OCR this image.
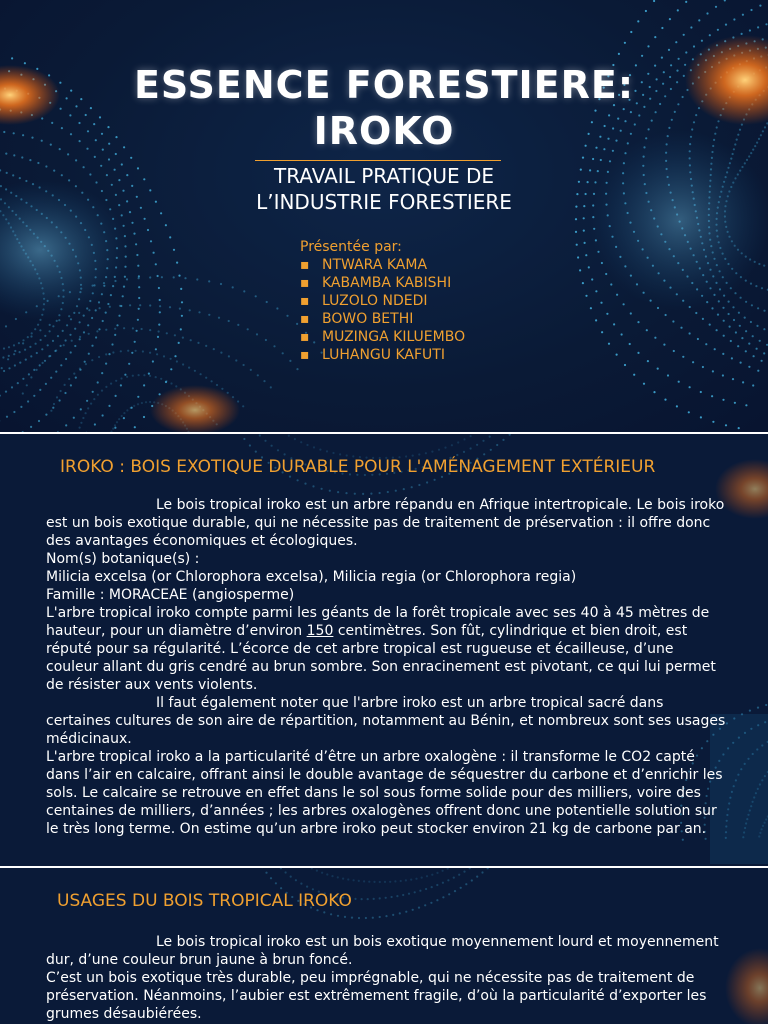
ESSENCE FORESTIERE:
IROKO
TRAVAIL PRATIQUE DE
L’INDUSTRIE FORESTIERE
Présentée par:
▪ NTWARA KAMA
▪ KABAMBA KABISHI
▪ LUZOLO NDEDI
▪ BOWO BETHI
▪ MUZINGA KILUEMBO
▪ LUHANGU KAFUTI
IROKO : BOIS EXOTIQUE DURABLE POUR L'AMÉNAGEMENT EXTÉRIEUR

Le bois tropical iroko est un arbre répandu en Afrique intertropicale. Le bois iroko est un bois exotique durable, qui ne nécessite pas de traitement de préservation : il offre donc des avantages économiques et écologiques.

Nom(s) botanique(s) :

Milicia excelsa (or Chlorophora excelsa), Milicia regia (or Chlorophora regia)

Famille : MORACEAE (angiosperme)

L'arbre tropical iroko compte parmi les géants de la forêt tropicale avec ses 40 à 45 mètres de hauteur, pour un diamètre d’environ 150 centimètres. Son fût, cylindrique et bien droit, est réputé pour sa régularité. L’écorce de cet arbre tropical est rugueuse et écailleuse, d’une couleur allant du gris cendré au brun sombre. Son enracinement est pivotant, ce qui lui permet de résister aux vents violents.

Il faut également noter que l'arbre iroko est un arbre tropical sacré dans certaines cultures de son aire de répartition, notamment au Bénin, et nombreux sont ses usages médicinaux.

L'arbre tropical iroko a la particularité d’être un arbre oxalogène : il transforme le CO2 capté dans l’air en calcaire, offrant ainsi le double avantage de séquestrer du carbone et d’enrichir les sols. Le calcaire se retrouve en effet dans le sol sous forme solide pour des milliers, voire des centaines de milliers, d’années ; les arbres oxalogènes offrent donc une potentielle solution sur le très long terme. On estime qu’un arbre iroko peut stocker environ 21 kg de carbone par an.

USAGES DU BOIS TROPICAL IROKO

Le bois tropical iroko est un bois exotique moyennement lourd et moyennement dur, d’une couleur brun jaune à brun foncé.

C’est un bois exotique très durable, peu imprégnable, qui ne nécessite pas de traitement de préservation. Néanmoins, l’aubier est extrêmement fragile, d’où la particularité d’exporter les grumes désaubiérées.
